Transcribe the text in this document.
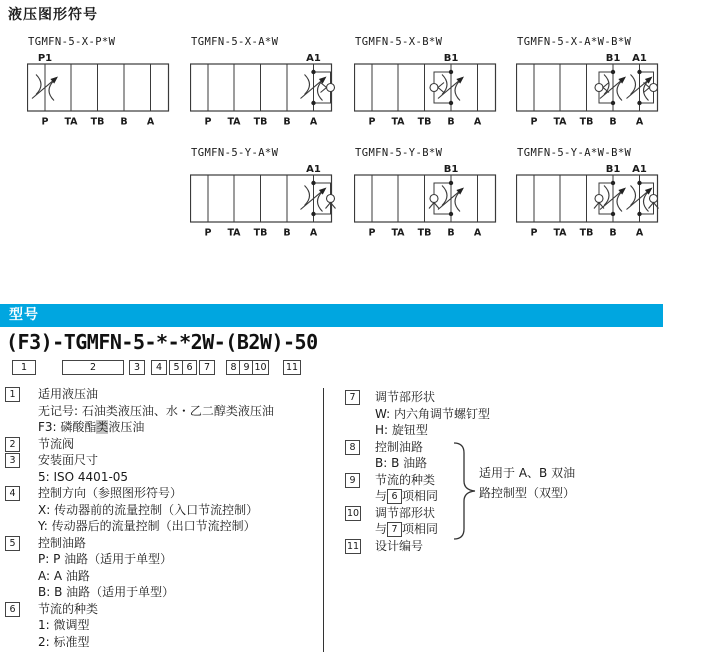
液压图形符号
TGMFN-5-X-P*W
P TA TB B A
P1
TGMFN-5-X-A*W
P TA TB B A
A1
TGMFN-5-X-B*W
P TA TB B A
B1
TGMFN-5-X-A*W-B*W
P TA TB B A
B1 A1
TGMFN-5-Y-A*W
P TA TB B A
A1
TGMFN-5-Y-B*W
P TA TB B A
B1
TGMFN-5-Y-A*W-B*W
P TA TB B A
B1 A1
型号
(F3)-TGMFN-5-*-*2W-(B2W)-50
1	2	3	4	5 6	7	8 9 10	11
1	适用液压油
无记号: 石油类液压油、水・乙二醇类液压油
F3: 磷酸酯类液压油
2	节流阀
3	安装面尺寸
5: ISO 4401-05
4	控制方向（参照图形符号）
X: 传动器前的流量控制（入口节流控制）
Y: 传动器后的流量控制（出口节流控制）
5	控制油路
P: P 油路（适用于单型）
A: A 油路
B: B 油路（适用于单型）
6	节流的种类
1: 微调型
2: 标准型
7	调节部形状
W: 内六角调节螺钉型
H: 旋钮型
8	控制油路
B: B 油路
9	节流的种类
与 6 项相同
10	调节部形状
与 7 项相同
11	设计编号
适用于 A、B 双油
路控制型（双型）
